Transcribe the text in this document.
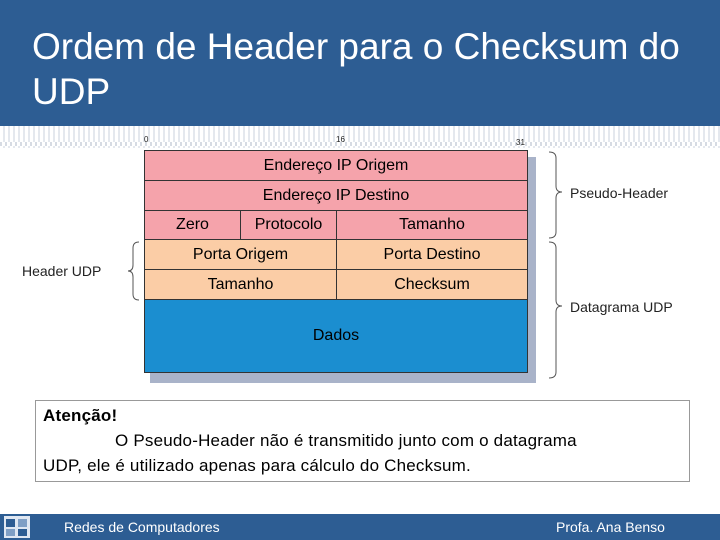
Ordem de Header para o Checksum do UDP
0	16	31
Endereço IP Origem
Endereço IP Destino
Zero	Protocolo	Tamanho
Porta Origem	Porta Destino
Tamanho	Checksum
Dados
Pseudo-Header
Header UDP
Datagrama UDP
Atenção!
O Pseudo-Header não é transmitido junto com o datagrama
UDP, ele é utilizado apenas para cálculo do Checksum.
Redes de Computadores	Profa. Ana Benso
